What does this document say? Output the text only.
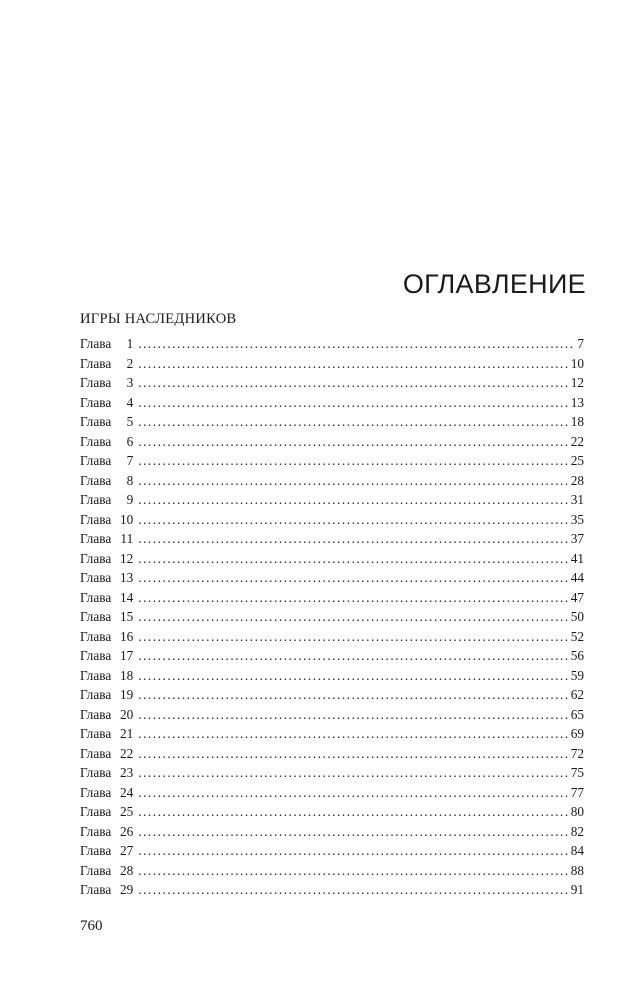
ОГЛАВЛЕНИЕ
ИГРЫ НАСЛЕДНИКОВ
Глава	1 . . .	7
Глава	2 . . .	10
Глава	3 . . .	12
Глава	4 . . .	13
Глава	5 . . .	18
Глава	6 . . .	22
Глава	7 . . .	25
Глава	8 . . .	28
Глава	9 . . .	31
Глава 10 . . .	35
Глава 11 . . .	37
Глава 12 . . .	41
Глава 13 . . .	44
Глава 14 . . .	47
Глава 15 . . .	50
Глава 16 . . .	52
Глава 17 . . .	56
Глава 18 . . .	59
Глава 19 . . .	62
Глава 20 . . .	65
Глава 21 . . .	69
Глава 22 . . .	72
Глава 23 . . .	75
Глава 24 . . .	77
Глава 25 . . .	80
Глава 26 . . .	82
Глава 27 . . .	84
Глава 28 . . .	88
Глава 29 . . .	91
760
